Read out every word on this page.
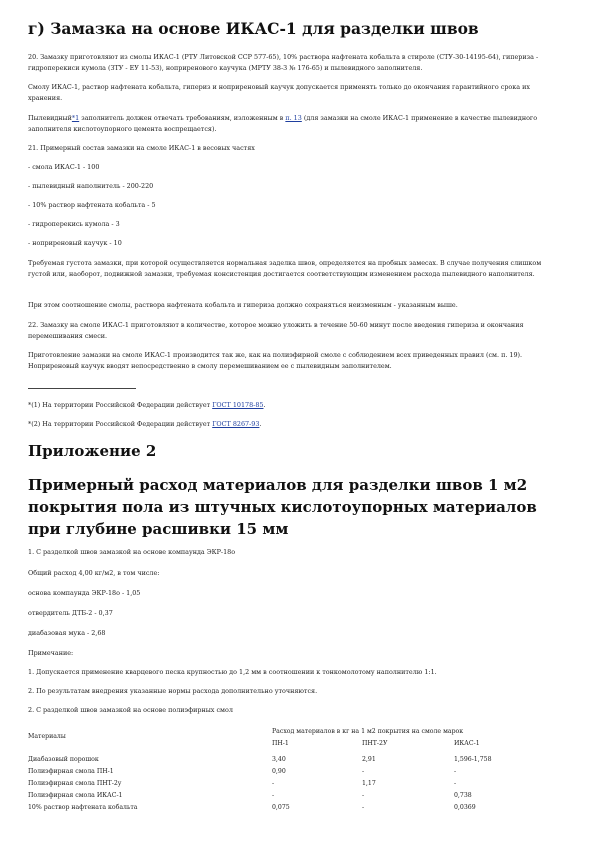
г) Замазка на основе ИКАС-1 для разделки швов

20. Замазку приготовляют из смолы ИКАС-1 (РТУ Литовской ССР 577-65), 10% раствора нафтената кобальта в стироле (СТУ-30-14195-64), гипериза - гидроперекиси кумола (ЗТУ - ЕУ 11-53), ноприренового каучука (МРТУ 38-3 № 176-65) и пылевидного заполнителя.

Смолу ИКАС-1, раствор нафтената кобальта, гипериз и ноприреновый каучук допускается применять только до окончания гарантийного срока их хранения.

Пылевидный*1 заполнитель должен отвечать требованиям, изложенным в п. 13 (для замазки на смоле ИКАС-1 применение в качестве пылевидного заполнителя кислотоупорного цемента воспрещается).

21. Примерный состав замазки на смоле ИКАС-1 в весовых частях

- смола ИКАС-1 - 100

- пылевидный наполнитель - 200-220

- 10% раствор нафтената кобальта - 5

- гидроперекись кумола - 3

- ноприреновый каучук - 10

Требуемая густота замазки, при которой осуществляется нормальная заделка швов, определяется на пробных замесах. В случае получения слишком густой или, наоборот, подвижной замазки, требуемая консистенция достигается соответствующим изменением расхода пылевидного наполнителя.

При этом соотношение смолы, раствора нафтената кобальта и гипериза должно сохраняться неизменным - указанным выше.

22. Замазку на смоле ИКАС-1 приготовляют в количестве, которое можно уложить в течение 50-60 минут после введения гипериза и окончания перемешивания смеси.

Приготовление замазки на смоле ИКАС-1 производится так же, как на полиэфирной смоле с соблюдением всех приведенных правил (см. п. 19). Ноприреновый каучук вводят непосредственно в смолу перемешиванием ее с пылевидным заполнителем.

*(1) На территории Российской Федерации действует ГОСТ 10178-85.

*(2) На территории Российской Федерации действует ГОСТ 8267-93.

Приложение 2
Примерный расход материалов для разделки швов 1 м2 покрытия пола из штучных кислотоупорных материалов при глубине расшивки 15 мм

1. С разделкой швов замазкой на основе компаунда ЭКР-18о

Общий расход 4,00 кг/м2, в том числе:

основа компаунда ЭКР-18о - 1,05

отвердитель ДТБ-2 - 0,37

диабазовая мука - 2,68

Примечание:

1. Допускается применение кварцевого песка крупностью до 1,2 мм в соотношении к тонкомолотому наполнителю 1:1.

2. По результатам внедрения указанные нормы расхода дополнительно уточняются.

2. С разделкой швов замазкой на основе полиэфирных смол

Материалы
Расход материалов в кг на 1 м2 покрытия на смоле марок
ПН-1	ПНТ-2У	ИКАС-1
Диабазовый порошок	3,40	2,91	1,596-1,758
Полиэфирная смола ПН-1	0,90	-	-
Полиэфирная смола ПНТ-2у	-	1,17	-
Полиэфирная смола ИКАС-1	-	-	0,738
10% раствор нафтената кобальта	0,075	-	0,0369
